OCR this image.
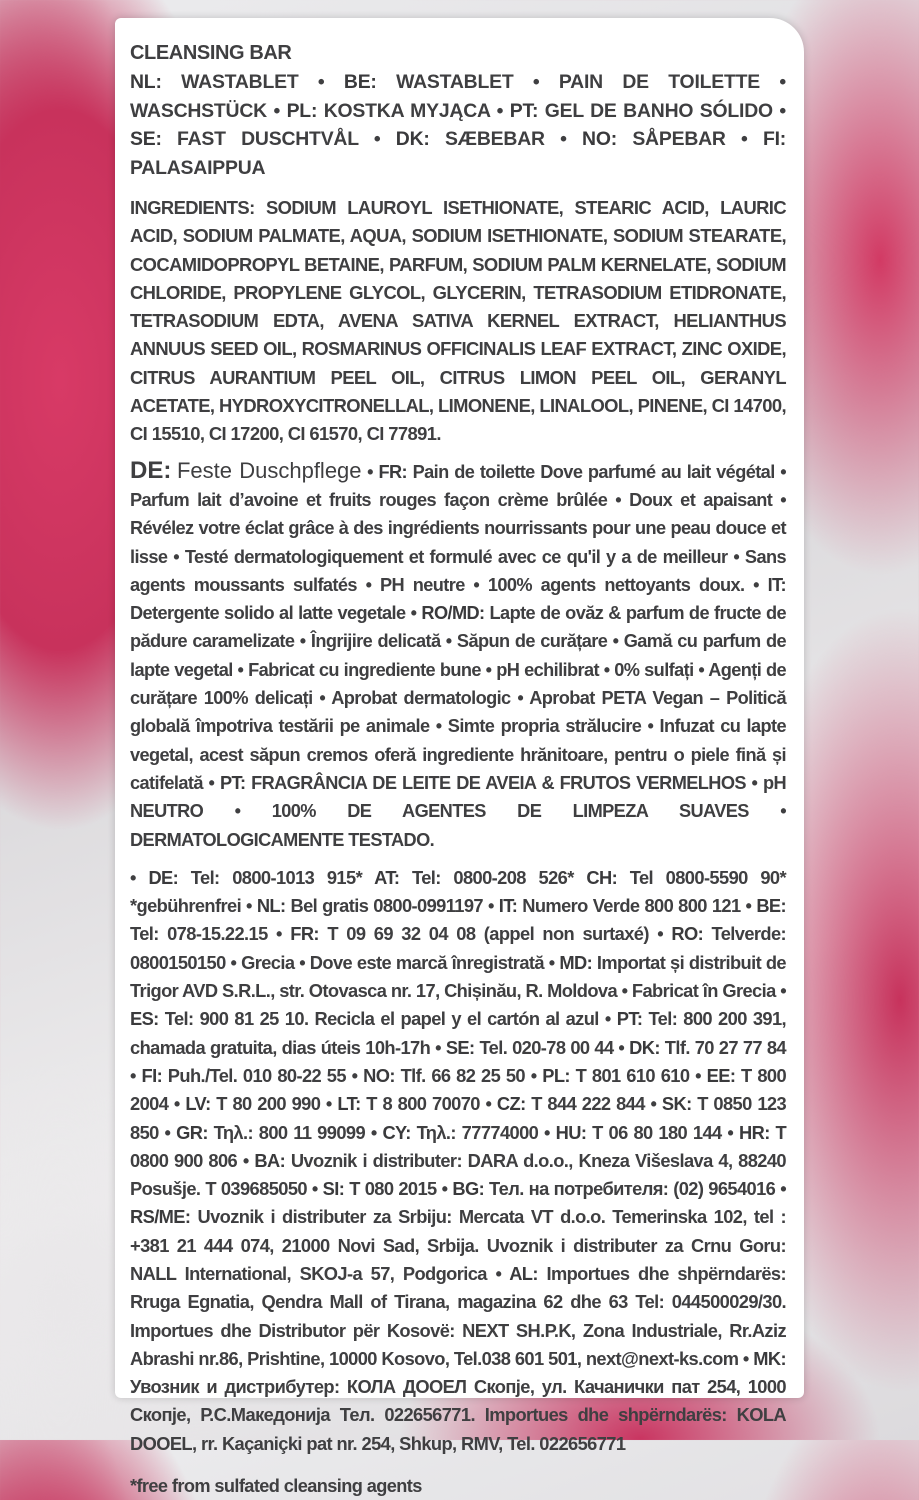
CLEANSING BAR

NL: WASTABLET • BE: WASTABLET • PAIN DE TOILETTE • WASCHSTÜCK • PL: KOSTKA MYJĄCA • PT: GEL DE BANHO SÓLIDO • SE: FAST DUSCHTVÅL • DK: SÆBEBAR • NO: SÅPEBAR • FI: PALASAIPPUA

INGREDIENTS: SODIUM LAUROYL ISETHIONATE, STEARIC ACID, LAURIC ACID, SODIUM PALMATE, AQUA, SODIUM ISETHIONATE, SODIUM STEARATE, COCAMIDOPROPYL BETAINE, PARFUM, SODIUM PALM KERNELATE, SODIUM CHLORIDE, PROPYLENE GLYCOL, GLYCERIN, TETRASODIUM ETIDRONATE, TETRASODIUM EDTA, AVENA SATIVA KERNEL EXTRACT, HELIANTHUS ANNUUS SEED OIL, ROSMARINUS OFFICINALIS LEAF EXTRACT, ZINC OXIDE, CITRUS AURANTIUM PEEL OIL, CITRUS LIMON PEEL OIL, GERANYL ACETATE, HYDROXYCITRONELLAL, LIMONENE, LINALOOL, PINENE, CI 14700, CI 15510, CI 17200, CI 61570, CI 77891.

DE: Feste Duschpflege • FR: Pain de toilette Dove parfumé au lait végétal • Parfum lait d’avoine et fruits rouges façon crème brûlée • Doux et apaisant • Révélez votre éclat grâce à des ingrédients nourrissants pour une peau douce et lisse • Testé dermatologiquement et formulé avec ce qu'il y a de meilleur • Sans agents moussants sulfatés • PH neutre • 100% agents nettoyants doux. • IT: Detergente solido al latte vegetale • RO/MD: Lapte de ovăz & parfum de fructe de pădure caramelizate • Îngrijire delicată • Săpun de curățare • Gamă cu parfum de lapte vegetal • Fabricat cu ingrediente bune • pH echilibrat • 0% sulfați • Agenți de curățare 100% delicați • Aprobat dermatologic • Aprobat PETA Vegan – Politică globală împotriva testării pe animale • Simte propria strălucire • Infuzat cu lapte vegetal, acest săpun cremos oferă ingrediente hrănitoare, pentru o piele fină și catifelată • PT: FRAGRÂNCIA DE LEITE DE AVEIA & FRUTOS VERMELHOS • pH NEUTRO • 100% DE AGENTES DE LIMPEZA SUAVES • DERMATOLOGICAMENTE TESTADO.

• DE: Tel: 0800-1013 915* AT: Tel: 0800-208 526* CH: Tel 0800-5590 90* *gebührenfrei • NL: Bel gratis 0800-0991197 • IT: Numero Verde 800 800 121 • BE: Tel: 078-15.22.15 • FR: T 09 69 32 04 08 (appel non surtaxé) • RO: Telverde: 0800150150 • Grecia • Dove este marcă înregistrată • MD: Importat și distribuit de Trigor AVD S.R.L., str. Otovasca nr. 17, Chișinău, R. Moldova • Fabricat în Grecia • ES: Tel: 900 81 25 10. Recicla el papel y el cartón al azul • PT: Tel: 800 200 391, chamada gratuita, dias úteis 10h-17h • SE: Tel. 020-78 00 44 • DK: Tlf. 70 27 77 84 • FI: Puh./Tel. 010 80-22 55 • NO: Tlf. 66 82 25 50 • PL: T 801 610 610 • EE: T 800 2004 • LV: T 80 200 990 • LT: T 8 800 70070 • CZ: T 844 222 844 • SK: T 0850 123 850 • GR: Τηλ.: 800 11 99099 • CY: Τηλ.: 77774000 • HU: T 06 80 180 144 • HR: T 0800 900 806 • BA: Uvoznik i distributer: DARA d.o.o., Kneza Višeslava 4, 88240 Posušje. T 039685050 • SI: T 080 2015 • BG: Тел. на потребителя: (02) 9654016 • RS/ME: Uvoznik i distributer za Srbiju: Mercata VT d.o.o. Temerinska 102, tel : +381 21 444 074, 21000 Novi Sad, Srbija. Uvoznik i distributer za Crnu Goru: NALL International, SKOJ-a 57, Podgorica • AL: Importues dhe shpërndarës: Rruga Egnatia, Qendra Mall of Tirana, magazina 62 dhe 63 Tel: 044500029/30. Importues dhe Distributor për Kosovë: NEXT SH.P.K, Zona Industriale, Rr.Aziz Abrashi nr.86, Prishtine, 10000 Kosovo, Tel.038 601 501, next@next-ks.com • MK: Увозник и дистрибутер: КОЛА ДООЕЛ Скопје, ул. Качанички пат 254, 1000 Скопје, Р.С.Македонија Тел. 022656771. Importues dhe shpërndarës: KOLA DOOEL, rr. Kaçaniçki pat nr. 254, Shkup, RMV, Tel. 022656771

*free from sulfated cleansing agents
